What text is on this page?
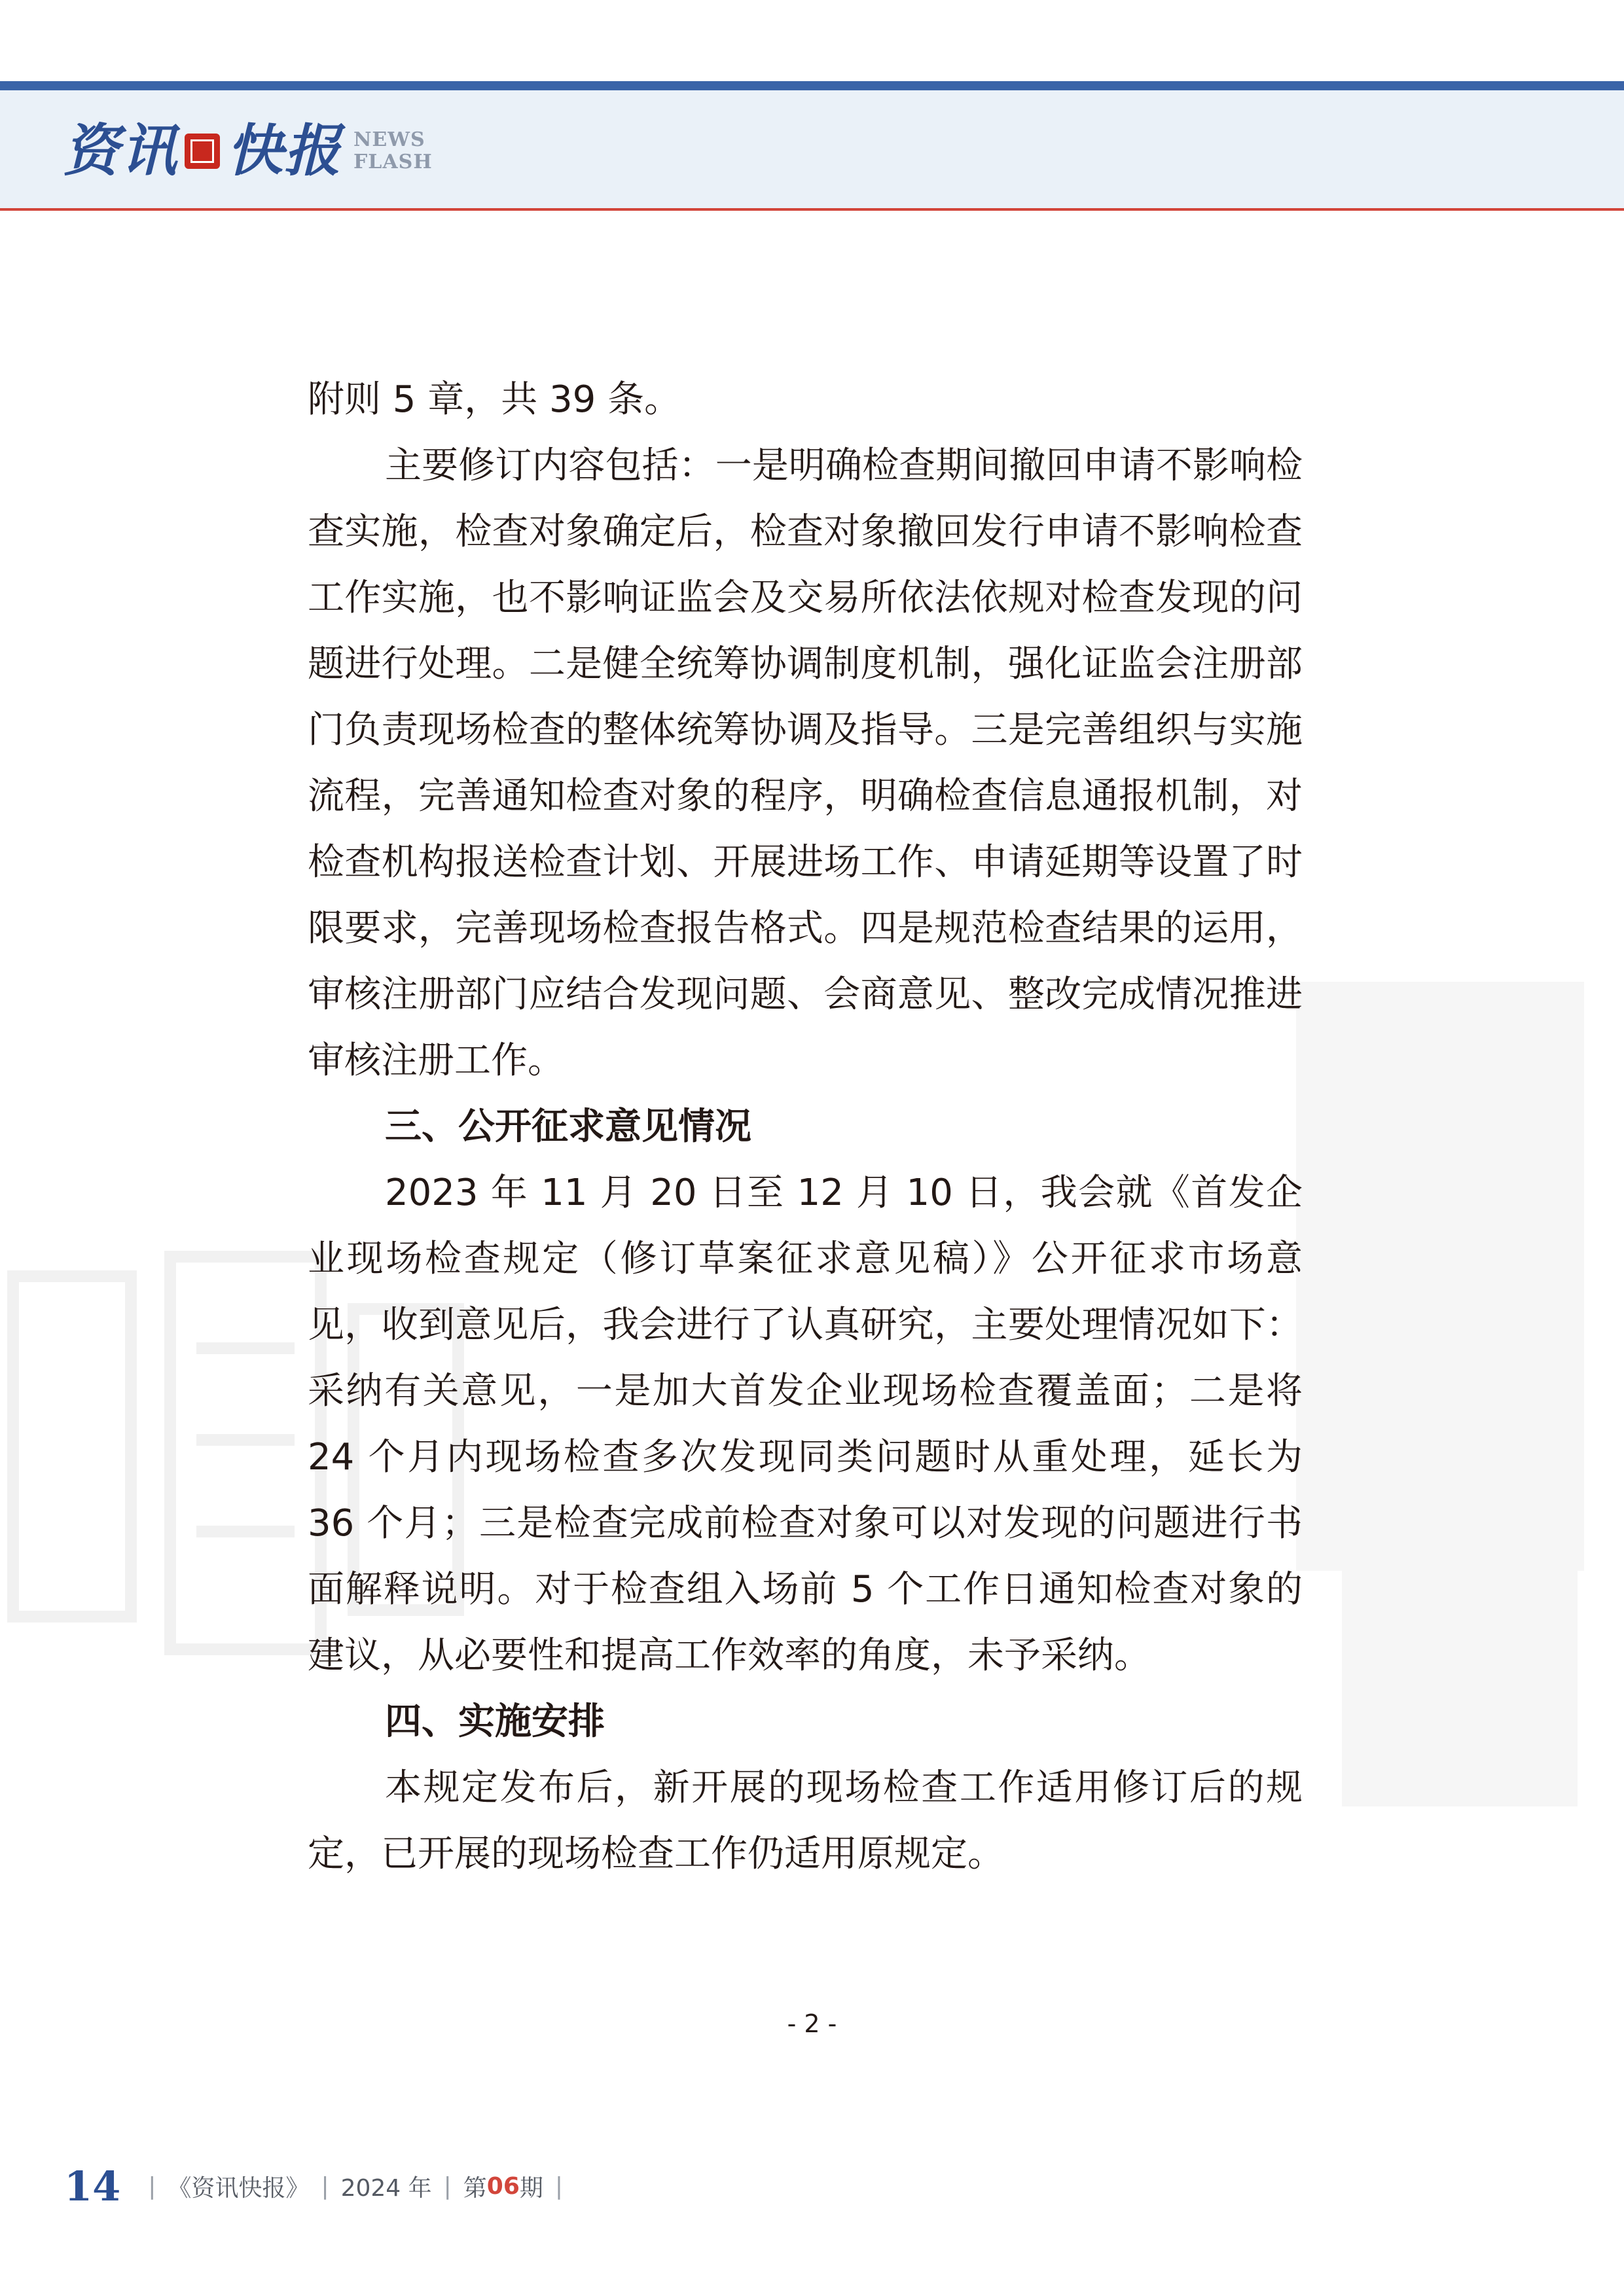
资讯 快报 NEWS
FLASH

附则 5 章，共 39 条。

主要修订内容包括：一是明确检查期间撤回申请不影响检查实施，检查对象确定后，检查对象撤回发行申请不影响检查工作实施，也不影响证监会及交易所依法依规对检查发现的问题进行处理。二是健全统筹协调制度机制，强化证监会注册部门负责现场检查的整体统筹协调及指导。三是完善组织与实施流程，完善通知检查对象的程序，明确检查信息通报机制，对检查机构报送检查计划、开展进场工作、申请延期等设置了时限要求，完善现场检查报告格式。四是规范检查结果的运用，审核注册部门应结合发现问题、会商意见、整改完成情况推进审核注册工作。

三、公开征求意见情况

2023 年 11 月 20 日至 12 月 10 日，我会就《首发企业现场检查规定（修订草案征求意见稿）》公开征求市场意见，收到意见后，我会进行了认真研究，主要处理情况如下：采纳有关意见，一是加大首发企业现场检查覆盖面；二是将 24 个月内现场检查多次发现同类问题时从重处理，延长为 36 个月；三是检查完成前检查对象可以对发现的问题进行书面解释说明。对于检查组入场前 5 个工作日通知检查对象的建议，从必要性和提高工作效率的角度，未予采纳。

四、实施安排

本规定发布后，新开展的现场检查工作适用修订后的规定，已开展的现场检查工作仍适用原规定。

- 2 -
14 | 《资讯快报》 | 2024 年 | 第 06 期 |
